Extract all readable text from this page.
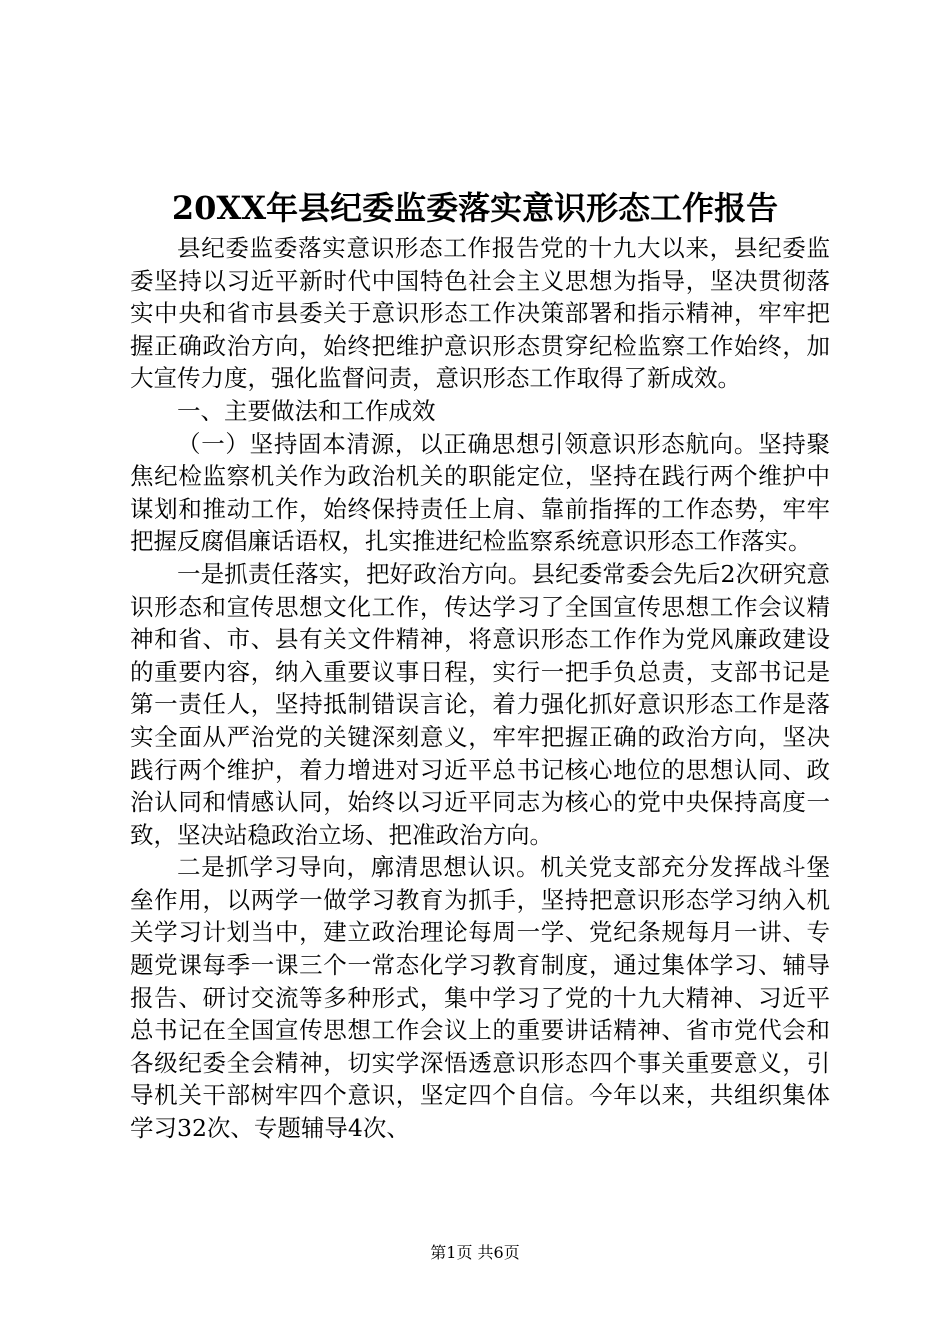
20XX年县纪委监委落实意识形态工作报告

县纪委监委落实意识形态工作报告党的十九大以来，县纪委监委坚持以习近平新时代中国特色社会主义思想为指导，坚决贯彻落实中央和省市县委关于意识形态工作决策部署和指示精神，牢牢把握正确政治方向，始终把维护意识形态贯穿纪检监察工作始终，加大宣传力度，强化监督问责，意识形态工作取得了新成效。

一、主要做法和工作成效

（一）坚持固本清源，以正确思想引领意识形态航向。坚持聚焦纪检监察机关作为政治机关的职能定位，坚持在践行两个维护中谋划和推动工作，始终保持责任上肩、靠前指挥的工作态势，牢牢把握反腐倡廉话语权，扎实推进纪检监察系统意识形态工作落实。

一是抓责任落实，把好政治方向。县纪委常委会先后2次研究意识形态和宣传思想文化工作，传达学习了全国宣传思想工作会议精神和省、市、县有关文件精神，将意识形态工作作为党风廉政建设的重要内容，纳入重要议事日程，实行一把手负总责，支部书记是第一责任人，坚持抵制错误言论，着力强化抓好意识形态工作是落实全面从严治党的关键深刻意义，牢牢把握正确的政治方向，坚决践行两个维护，着力增进对习近平总书记核心地位的思想认同、政治认同和情感认同，始终以习近平同志为核心的党中央保持高度一致，坚决站稳政治立场、把准政治方向。

二是抓学习导向，廓清思想认识。机关党支部充分发挥战斗堡垒作用，以两学一做学习教育为抓手，坚持把意识形态学习纳入机关学习计划当中，建立政治理论每周一学、党纪条规每月一讲、专题党课每季一课三个一常态化学习教育制度，通过集体学习、辅导报告、研讨交流等多种形式，集中学习了党的十九大精神、习近平总书记在全国宣传思想工作会议上的重要讲话精神、省市党代会和各级纪委全会精神，切实学深悟透意识形态四个事关重要意义，引导机关干部树牢四个意识，坚定四个自信。今年以来，共组织集体学习32次、专题辅导4次、

第1页 共6页
